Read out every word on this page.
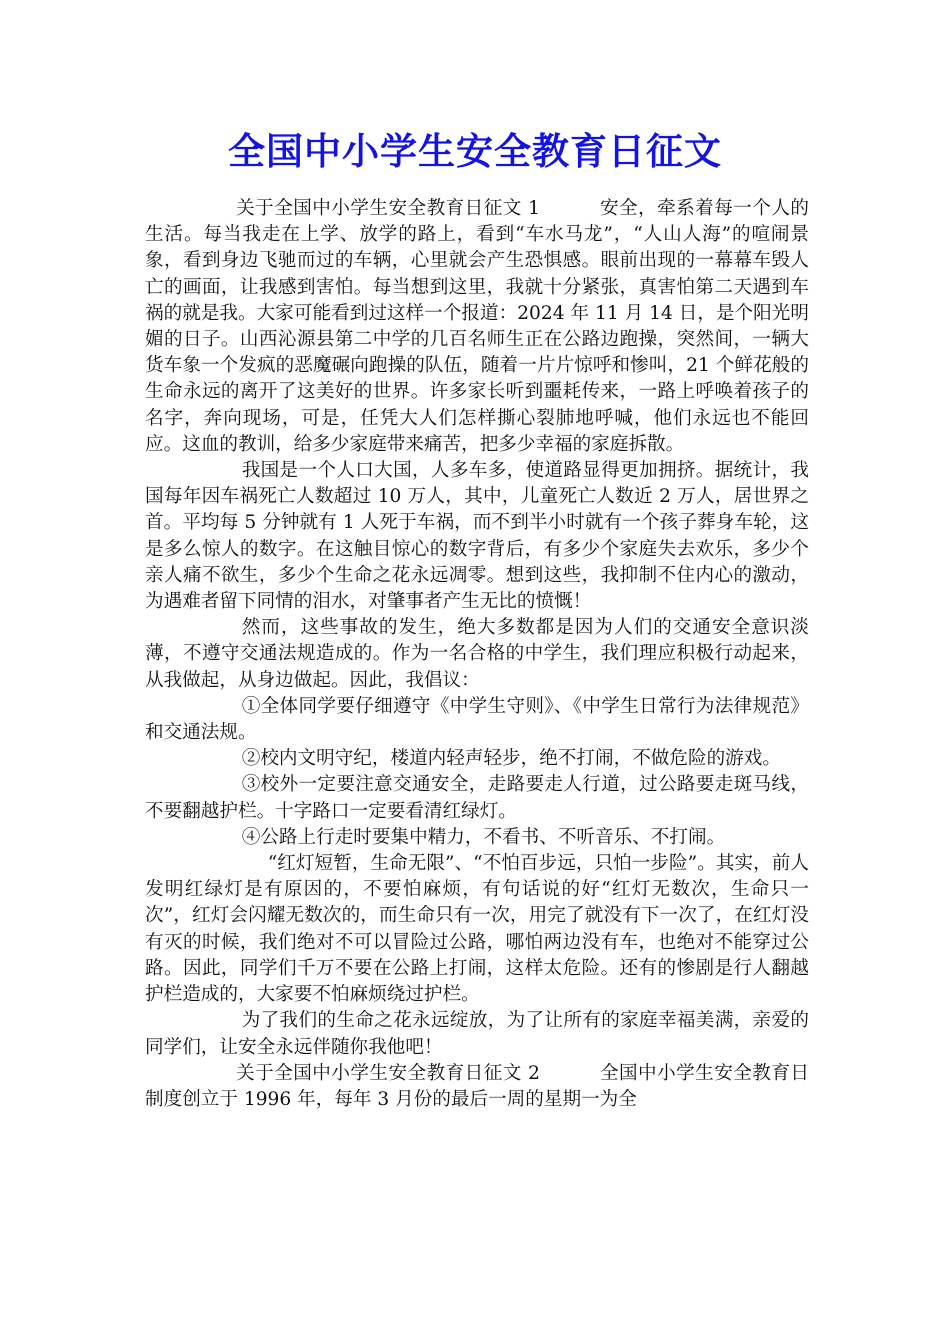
全国中小学生安全教育日征文

关于全国中小学生安全教育日征文 1	安全，牵系着每一个人的生活。每当我走在上学、放学的路上，看到“车水马龙”，“人山人海”的喧闹景象，看到身边飞驰而过的车辆，心里就会产生恐惧感。眼前出现的一幕幕车毁人亡的画面，让我感到害怕。每当想到这里，我就十分紧张，真害怕第二天遇到车祸的就是我。大家可能看到过这样一个报道：2024 年 11 月 14 日，是个阳光明媚的日子。山西沁源县第二中学的几百名师生正在公路边跑操，突然间，一辆大货车象一个发疯的恶魔碾向跑操的队伍，随着一片片惊呼和惨叫，21 个鲜花般的生命永远的离开了这美好的世界。许多家长听到噩耗传来，一路上呼唤着孩子的名字，奔向现场，可是，任凭大人们怎样撕心裂肺地呼喊，他们永远也不能回应。这血的教训，给多少家庭带来痛苦，把多少幸福的家庭拆散。

我国是一个人口大国，人多车多，使道路显得更加拥挤。据统计，我国每年因车祸死亡人数超过 10 万人，其中，儿童死亡人数近 2 万人，居世界之首。平均每 5 分钟就有 1 人死于车祸，而不到半小时就有一个孩子葬身车轮，这是多么惊人的数字。在这触目惊心的数字背后，有多少个家庭失去欢乐，多少个亲人痛不欲生，多少个生命之花永远凋零。想到这些，我抑制不住内心的激动，为遇难者留下同情的泪水，对肇事者产生无比的愤慨！

然而，这些事故的发生，绝大多数都是因为人们的交通安全意识淡薄，不遵守交通法规造成的。作为一名合格的中学生，我们理应积极行动起来，从我做起，从身边做起。因此，我倡议：

①全体同学要仔细遵守《中学生守则》、《中学生日常行为法律规范》和交通法规。

②校内文明守纪，楼道内轻声轻步，绝不打闹，不做危险的游戏。

③校外一定要注意交通安全，走路要走人行道，过公路要走斑马线，不要翻越护栏。十字路口一定要看清红绿灯。

④公路上行走时要集中精力，不看书、不听音乐、不打闹。

“红灯短暂，生命无限”、“不怕百步远，只怕一步险”。其实，前人发明红绿灯是有原因的，不要怕麻烦，有句话说的好“红灯无数次，生命只一次”，红灯会闪耀无数次的，而生命只有一次，用完了就没有下一次了，在红灯没有灭的时候，我们绝对不可以冒险过公路，哪怕两边没有车，也绝对不能穿过公路。因此，同学们千万不要在公路上打闹，这样太危险。还有的惨剧是行人翻越护栏造成的，大家要不怕麻烦绕过护栏。

为了我们的生命之花永远绽放，为了让所有的家庭幸福美满，亲爱的同学们，让安全永远伴随你我他吧！

关于全国中小学生安全教育日征文 2	全国中小学生安全教育日制度创立于 1996 年，每年 3 月份的最后一周的星期一为全
